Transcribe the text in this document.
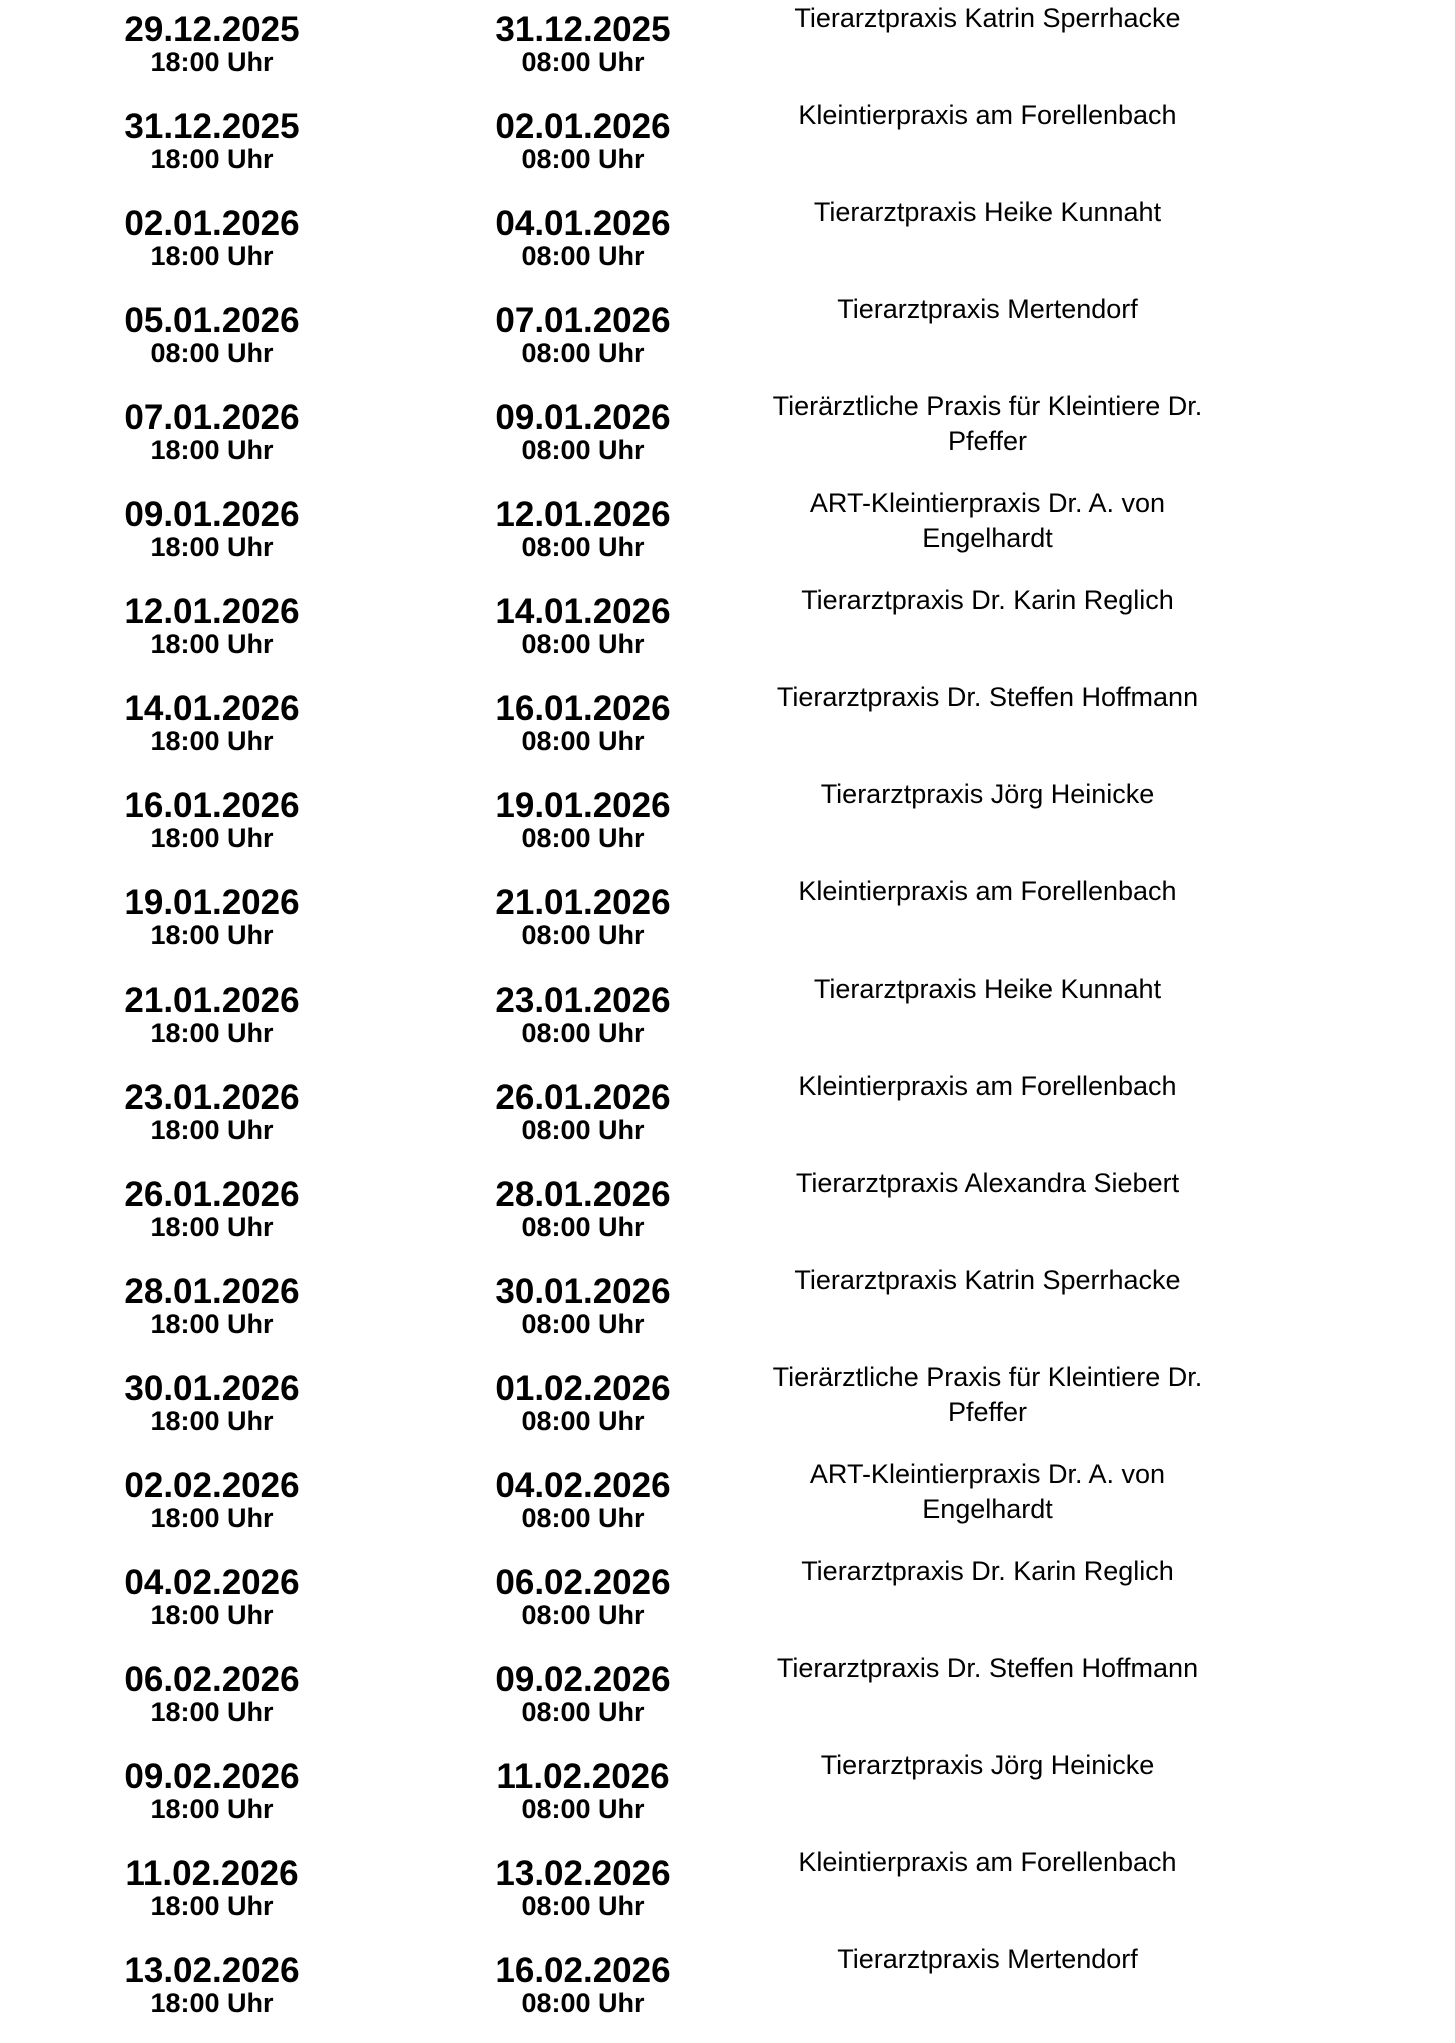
29.12.2025
18:00 Uhr
31.12.2025
08:00 Uhr
Tierarztpraxis Katrin Sperrhacke
31.12.2025
18:00 Uhr
02.01.2026
08:00 Uhr
Kleintierpraxis am Forellenbach
02.01.2026
18:00 Uhr
04.01.2026
08:00 Uhr
Tierarztpraxis Heike Kunnaht
05.01.2026
08:00 Uhr
07.01.2026
08:00 Uhr
Tierarztpraxis Mertendorf
07.01.2026
18:00 Uhr
09.01.2026
08:00 Uhr
Tierärztliche Praxis für Kleintiere Dr. Pfeffer
09.01.2026
18:00 Uhr
12.01.2026
08:00 Uhr
ART-Kleintierpraxis Dr. A. von Engelhardt
12.01.2026
18:00 Uhr
14.01.2026
08:00 Uhr
Tierarztpraxis Dr. Karin Reglich
14.01.2026
18:00 Uhr
16.01.2026
08:00 Uhr
Tierarztpraxis Dr. Steffen Hoffmann
16.01.2026
18:00 Uhr
19.01.2026
08:00 Uhr
Tierarztpraxis Jörg Heinicke
19.01.2026
18:00 Uhr
21.01.2026
08:00 Uhr
Kleintierpraxis am Forellenbach
21.01.2026
18:00 Uhr
23.01.2026
08:00 Uhr
Tierarztpraxis Heike Kunnaht
23.01.2026
18:00 Uhr
26.01.2026
08:00 Uhr
Kleintierpraxis am Forellenbach
26.01.2026
18:00 Uhr
28.01.2026
08:00 Uhr
Tierarztpraxis Alexandra Siebert
28.01.2026
18:00 Uhr
30.01.2026
08:00 Uhr
Tierarztpraxis Katrin Sperrhacke
30.01.2026
18:00 Uhr
01.02.2026
08:00 Uhr
Tierärztliche Praxis für Kleintiere Dr. Pfeffer
02.02.2026
18:00 Uhr
04.02.2026
08:00 Uhr
ART-Kleintierpraxis Dr. A. von Engelhardt
04.02.2026
18:00 Uhr
06.02.2026
08:00 Uhr
Tierarztpraxis Dr. Karin Reglich
06.02.2026
18:00 Uhr
09.02.2026
08:00 Uhr
Tierarztpraxis Dr. Steffen Hoffmann
09.02.2026
18:00 Uhr
11.02.2026
08:00 Uhr
Tierarztpraxis Jörg Heinicke
11.02.2026
18:00 Uhr
13.02.2026
08:00 Uhr
Kleintierpraxis am Forellenbach
13.02.2026
18:00 Uhr
16.02.2026
08:00 Uhr
Tierarztpraxis Mertendorf
